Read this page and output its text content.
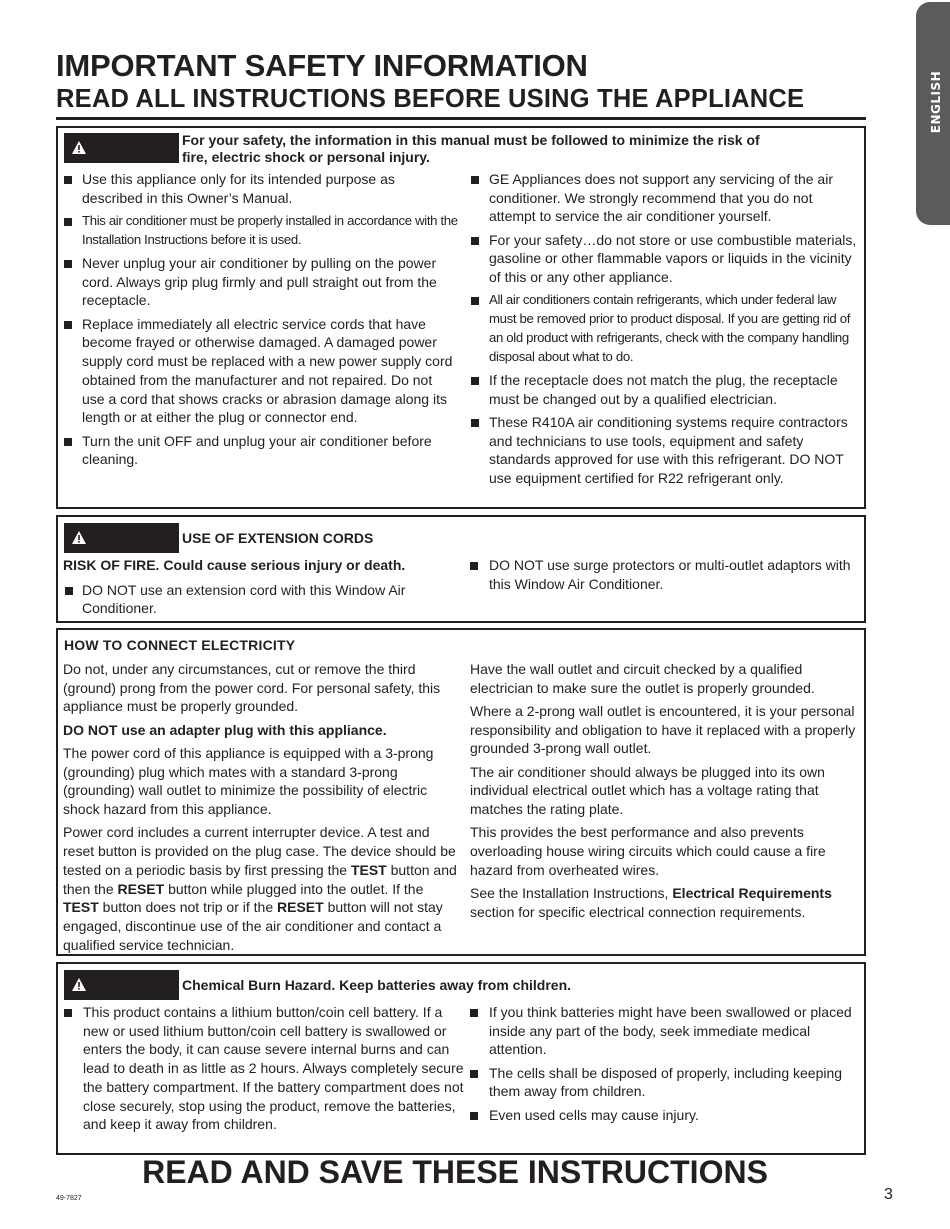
ENGLISH
IMPORTANT SAFETY INFORMATION
READ ALL INSTRUCTIONS BEFORE USING THE APPLIANCE
For your safety, the information in this manual must be followed to minimize the risk of
fire, electric shock or personal injury.
Use this appliance only for its intended purpose as described in this Owner’s Manual.
This air conditioner must be properly installed in accordance with the Installation Instructions before it is used.
Never unplug your air conditioner by pulling on the power cord. Always grip plug firmly and pull straight out from the receptacle.
Replace immediately all electric service cords that have become frayed or otherwise damaged. A damaged power supply cord must be replaced with a new power supply cord obtained from the manufacturer and not repaired. Do not use a cord that shows cracks or abrasion damage along its length or at either the plug or connector end.
Turn the unit OFF and unplug your air conditioner before cleaning.
GE Appliances does not support any servicing of the air conditioner. We strongly recommend that you do not attempt to service the air conditioner yourself.
For your safety…do not store or use combustible materials, gasoline or other flammable vapors or liquids in the vicinity of this or any other appliance.
All air conditioners contain refrigerants, which under federal law must be removed prior to product disposal. If you are getting rid of an old product with refrigerants, check with the company handling disposal about what to do.
If the receptacle does not match the plug, the receptacle must be changed out by a qualified electrician.
These R410A air conditioning systems require contractors and technicians to use tools, equipment and safety standards approved for use with this refrigerant. DO NOT use equipment certified for R22 refrigerant only.
USE OF EXTENSION CORDS

RISK OF FIRE. Could cause serious injury or death.

DO NOT use an extension cord with this Window Air Conditioner.
DO NOT use surge protectors or multi-outlet adaptors with this Window Air Conditioner.
HOW TO CONNECT ELECTRICITY

Do not, under any circumstances, cut or remove the third (ground) prong from the power cord. For personal safety, this appliance must be properly grounded.

DO NOT use an adapter plug with this appliance.

The power cord of this appliance is equipped with a 3-prong (grounding) plug which mates with a standard 3-prong (grounding) wall outlet to minimize the possibility of electric shock hazard from this appliance.

Power cord includes a current interrupter device. A test and reset button is provided on the plug case. The device should be tested on a periodic basis by first pressing the TEST button and then the RESET button while plugged into the outlet. If the TEST button does not trip or if the RESET button will not stay engaged, discontinue use of the air conditioner and contact a qualified service technician.

Have the wall outlet and circuit checked by a qualified electrician to make sure the outlet is properly grounded.

Where a 2-prong wall outlet is encountered, it is your personal responsibility and obligation to have it replaced with a properly grounded 3-prong wall outlet.

The air conditioner should always be plugged into its own individual electrical outlet which has a voltage rating that matches the rating plate.

This provides the best performance and also prevents overloading house wiring circuits which could cause a fire hazard from overheated wires.

See the Installation Instructions, Electrical Requirements section for specific electrical connection requirements.

Chemical Burn Hazard. Keep batteries away from children.
This product contains a lithium button/coin cell battery. If a new or used lithium button/coin cell battery is swallowed or enters the body, it can cause severe internal burns and can lead to death in as little as 2 hours. Always completely secure the battery compartment. If the battery compartment does not close securely, stop using the product, remove the batteries, and keep it away from children.
If you think batteries might have been swallowed or placed inside any part of the body, seek immediate medical attention.
The cells shall be disposed of properly, including keeping them away from children.
Even used cells may cause injury.
READ AND SAVE THESE INSTRUCTIONS
49-7827	3
